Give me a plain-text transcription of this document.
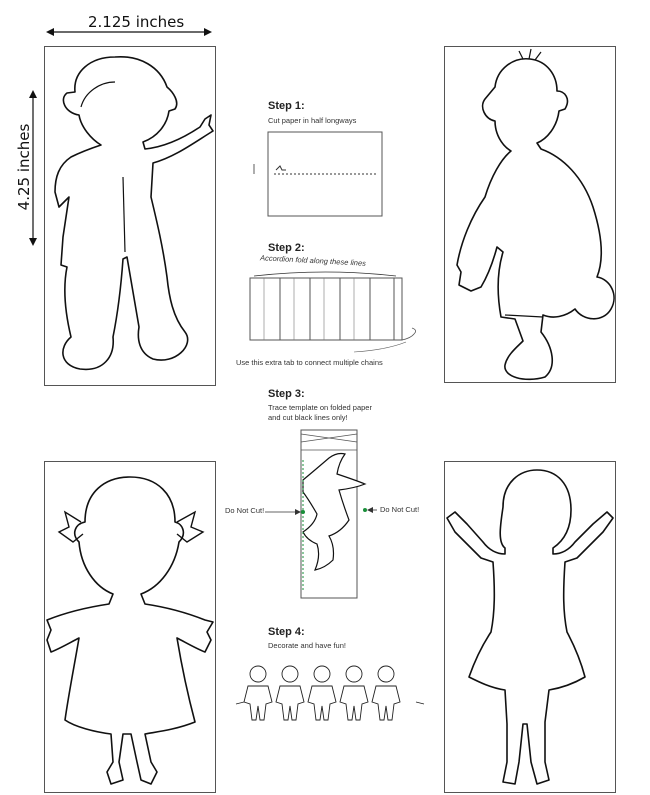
2.125 inches
4.25 inches
Step 1:
Cut paper in half longways
Step 2:
Accordion fold along these lines
Use this extra tab to connect multiple chains
Step 3:
Trace template on folded paper
and cut black lines only!
Do Not Cut!	Do Not Cut!
Step 4:
Decorate and have fun!
